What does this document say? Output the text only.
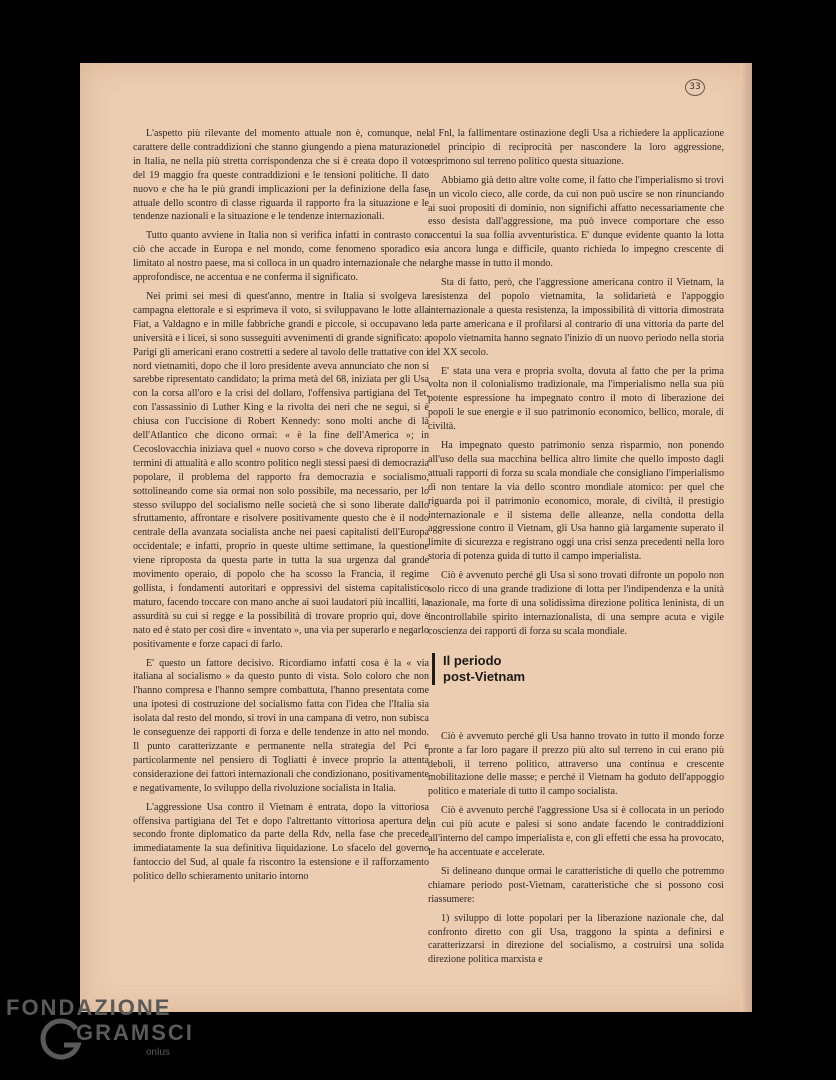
33

L'aspetto più rilevante del momento attuale non è, comunque, nel carattere delle contraddizioni che stanno giungendo a piena maturazione in Italia, ne nella più stretta corrispondenza che si è creata dopo il voto del 19 maggio fra queste contraddizioni e le tensioni politiche. Il dato nuovo e che ha le più grandi implicazioni per la definizione della fase attuale dello scontro di classe riguarda il rapporto fra la situazione e le tendenze nazionali e la situazione e le tendenze internazionali.

Tutto quanto avviene in Italia non si verifica infatti in contrasto con ciò che accade in Europa e nel mondo, come fenomeno sporadico e limitato al nostro paese, ma si colloca in un quadro internazionale che ne approfondisce, ne accentua e ne conferma il significato.

Nei primi sei mesi di quest'anno, mentre in Italia si svolgeva la campagna elettorale e si esprimeva il voto, si sviluppavano le lotte alla Fiat, a Valdagno e in mille fabbriche grandi e piccole, si occupavano le università e i licei, si sono susseguiti avvenimenti di grande significato: a Parigi gli americani erano costretti a sedere al tavolo delle trattative con i nord vietnamiti, dopo che il loro presidente aveva annunciato che non si sarebbe ripresentato candidato; la prima metà del 68, iniziata per gli Usa con la corsa all'oro e la crisi del dollaro, l'offensiva partigiana del Tet, con l'assassinio di Luther King e la rivolta dei neri che ne seguì, si è chiusa con l'uccisione di Robert Kennedy: sono molti anche di là dell'Atlantico che dicono ormai: « è la fine dell'America »; in Cecoslovacchia iniziava quel « nuovo corso » che doveva riproporre in termini di attualità e allo scontro politico negli stessi paesi di democrazia popolare, il problema del rapporto fra democrazia e socialismo, sottolineando come sia ormai non solo possibile, ma necessario, per lo stesso sviluppo del socialismo nelle società che si sono liberate dallo sfruttamento, affrontare e risolvere positivamente questo che è il nodo centrale della avanzata socialista anche nei paesi capitalisti dell'Europa occidentale; e infatti, proprio in queste ultime settimane, la questione viene riproposta da questa parte in tutta la sua urgenza dal grande movimento operaio, di popolo che ha scosso la Francia, il regime gollista, i fondamenti autoritari e oppressivi del sistema capitalistico maturo, facendo toccare con mano anche ai suoi laudatori più incalliti, la assurdità su cui si regge e la possibilità di trovare proprio qui, dove è nato ed è stato per così dire « inventato », una via per superarlo e negarlo positivamente e forze capaci di farlo.

E' questo un fattore decisivo. Ricordiamo infatti cosa è la « via italiana al socialismo » da questo punto di vista. Solo coloro che non l'hanno compresa e l'hanno sempre combattuta, l'hanno presentata come una ipotesi di costruzione del socialismo fatta con l'idea che l'Italia sia isolata dal resto del mondo, si trovi in una campana di vetro, non subisca le conseguenze dei rapporti di forza e delle tendenze in atto nel mondo. Il punto caratterizzante e permanente nella strategia del Pci e particolarmente nel pensiero di Togliatti è invece proprio la attenta considerazione dei fattori internazionali che condizionano, positivamente e negativamente, lo sviluppo della rivoluzione socialista in Italia.

L'aggressione Usa contro il Vietnam è entrata, dopo la vittoriosa offensiva partigiana del Tet e dopo l'altrettanto vittoriosa apertura del secondo fronte diplomatico da parte della Rdv, nella fase che precede immediatamente la sua definitiva liquidazione. Lo sfacelo del governo fantoccio del Sud, al quale fa riscontro la estensione e il rafforzamento politico dello schieramento unitario intorno

al Fnl, la fallimentare ostinazione degli Usa a richiedere la applicazione del principio di reciprocità per nascondere la loro aggressione, esprimono sul terreno politico questa situazione.

Abbiamo già detto altre volte come, il fatto che l'imperialismo si trovi in un vicolo cieco, alle corde, da cui non può uscire se non rinunciando ai suoi propositi di dominio, non significhi affatto necessariamente che esso desista dall'aggressione, ma può invece comportare che esso accentui la sua follia avventuristica. E' dunque evidente quanto la lotta sia ancora lunga e difficile, quanto richieda lo impegno crescente di larghe masse in tutto il mondo.

Sta di fatto, però, che l'aggressione americana contro il Vietnam, la resistenza del popolo vietnamita, la solidarietà e l'appoggio internazionale a questa resistenza, la impossibilità di vittoria dimostrata da parte americana e il profilarsi al contrario di una vittoria da parte del popolo vietnamita hanno segnato l'inizio di un nuovo periodo nella storia del XX secolo.

E' stata una vera e propria svolta, dovuta al fatto che per la prima volta non il colonialismo tradizionale, ma l'imperialismo nella sua più potente espressione ha impegnato contro il moto di liberazione dei popoli le sue energie e il suo patrimonio economico, bellico, morale, di civiltà.

Ha impegnato questo patrimonio senza risparmio, non ponendo all'uso della sua macchina bellica altro limite che quello imposto dagli attuali rapporti di forza su scala mondiale che consigliano l'imperialismo di non tentare la via dello scontro mondiale atomico: per quel che riguarda poi il patrimonio economico, morale, di civiltà, il prestigio internazionale e il sistema delle alleanze, nella condotta della aggressione contro il Vietnam, gli Usa hanno già largamente superato il limite di sicurezza e registrano oggi una crisi senza precedenti nella loro storia di potenza guida di tutto il campo imperialista.

Ciò è avvenuto perché gli Usa si sono trovati difronte un popolo non solo ricco di una grande tradizione di lotta per l'indipendenza e la unità nazionale, ma forte di una solidissima direzione politica leninista, di un incontrollabile spirito internazionalista, di una sempre acuta e vigile coscienza dei rapporti di forza su scala mondiale.

Il periodo
post-Vietnam

Ciò è avvenuto perché gli Usa hanno trovato in tutto il mondo forze pronte a far loro pagare il prezzo più alto sul terreno in cui erano più deboli, il terreno politico, attraverso una continua e crescente mobilitazione delle masse; e perché il Vietnam ha goduto dell'appoggio politico e materiale di tutto il campo socialista.

Ciò è avvenuto perché l'aggressione Usa si è collocata in un periodo in cui più acute e palesi si sono andate facendo le contraddizioni all'interno del campo imperialista e, con gli effetti che essa ha provocato, le ha accentuate e accelerate.

Si delineano dunque ormai le caratteristiche di quello che potremmo chiamare periodo post-Vietnam, caratteristiche che si possono così riassumere:

1) sviluppo di lotte popolari per la liberazione nazionale che, dal confronto diretto con gli Usa, traggono la spinta a definirsi e caratterizzarsi in direzione del socialismo, a costruirsi una solida direzione politica marxista e

FONDAZIONE
GRAMSCI
onlus
